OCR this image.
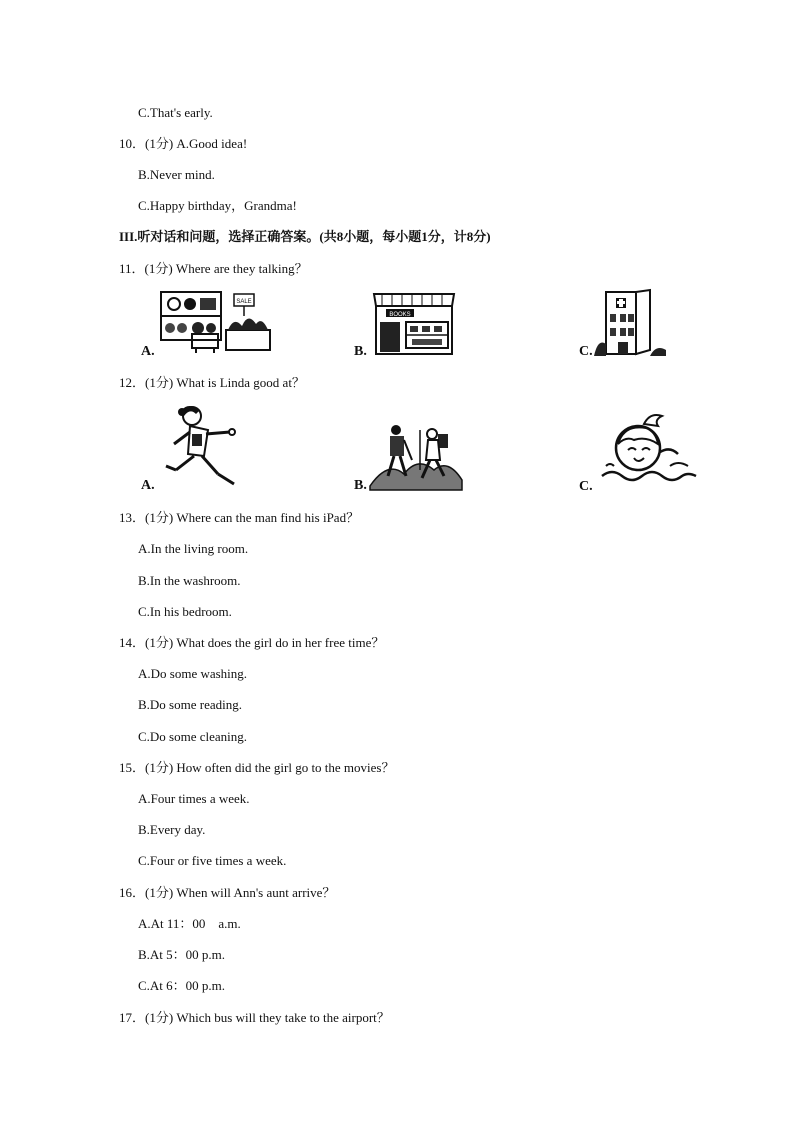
C.That's early.
10．(1分) A.Good idea!
B.Never mind.
C.Happy birthday，Grandma!
III.听对话和问题，选择正确答案。(共8小题，每小题1分，计8分)
11．(1分) Where are they talking？
SALE
A.
BOOKS
B.	C.
12．(1分) What is Linda good at？
A.	B.	C.
13．(1分) Where can the man find his iPad？
A.In the living room.
B.In the washroom.
C.In his bedroom.
14．(1分) What does the girl do in her free time？
A.Do some washing.
B.Do some reading.
C.Do some cleaning.
15．(1分) How often did the girl go to the movies？
A.Four times a week.
B.Every day.
C.Four or five times a week.
16．(1分) When will Ann's aunt arrive？
A.At 11：00　a.m.
B.At 5：00 p.m.
C.At 6：00 p.m.
17．(1分) Which bus will they take to the airport？
